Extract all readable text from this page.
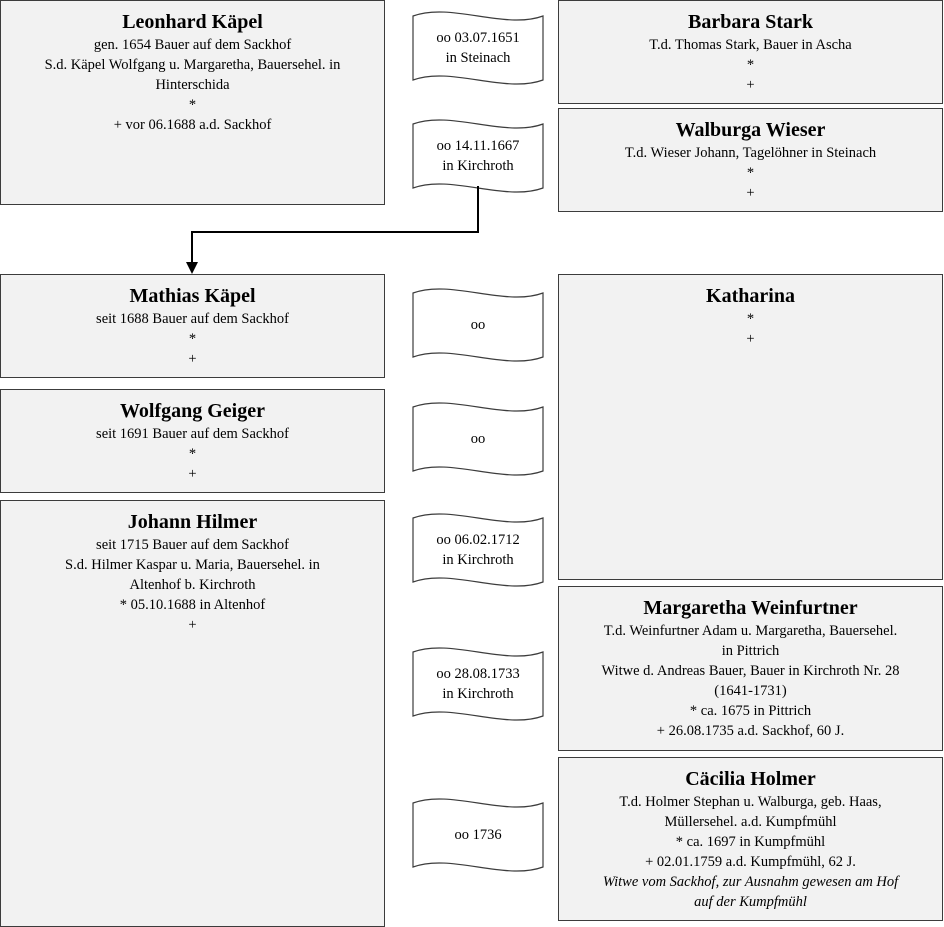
Leonhard Käpel
gen. 1654 Bauer auf dem Sackhof
S.d. Käpel Wolfgang u. Margaretha, Bauersehel. in
Hinterschida
*
+ vor 06.1688 a.d. Sackhof
Mathias Käpel
seit 1688 Bauer auf dem Sackhof
*
+
Wolfgang Geiger
seit 1691 Bauer auf dem Sackhof
*
+
Johann Hilmer
seit 1715 Bauer auf dem Sackhof
S.d. Hilmer Kaspar u. Maria, Bauersehel. in
Altenhof b. Kirchroth
* 05.10.1688 in Altenhof
+
Barbara Stark
T.d. Thomas Stark, Bauer in Ascha
*
+
Walburga Wieser
T.d. Wieser Johann, Tagelöhner in Steinach
*
+
Katharina
*
+
Margaretha Weinfurtner
T.d. Weinfurtner Adam u. Margaretha, Bauersehel.
in Pittrich
Witwe d. Andreas Bauer, Bauer in Kirchroth Nr. 28
(1641-1731)
* ca. 1675 in Pittrich
+ 26.08.1735 a.d. Sackhof, 60 J.
Cäcilia Holmer
T.d. Holmer Stephan u. Walburga, geb. Haas,
Müllersehel. a.d. Kumpfmühl
* ca. 1697 in Kumpfmühl
+ 02.01.1759 a.d. Kumpfmühl, 62 J.
Witwe vom Sackhof, zur Ausnahm gewesen am Hof
auf der Kumpfmühl
oo 03.07.1651
in Steinach
oo 14.11.1667
in Kirchroth
oo
oo
oo 06.02.1712
in Kirchroth
oo 28.08.1733
in Kirchroth
oo 1736
